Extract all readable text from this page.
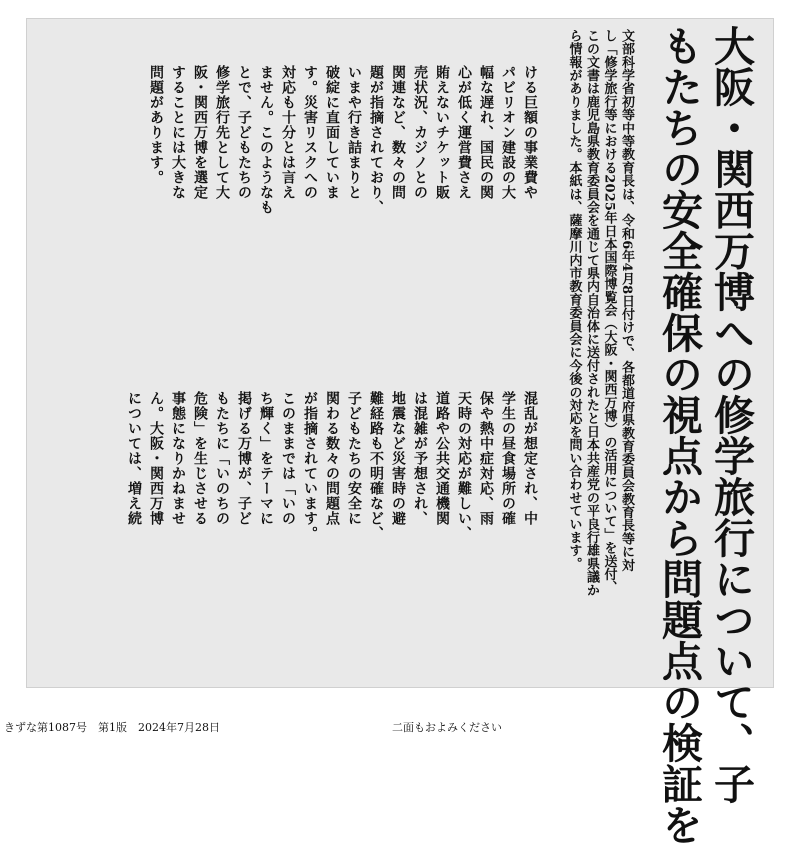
大阪・関西万博への修学旅行について、子
もたちの安全確保の視点から問題点の検証を
文部科学省初等中等教育長は、令和6年4月8日付けで、各都道府県教育委員会教育長等に対
し「修学旅行等における2025年日本国際博覧会（大阪・関西万博）の活用について」を送付、
この文書は鹿児島県教育委員会を通じて県内自治体に送付されたと日本共産党の平良行雄県議か
ら情報がありました。本紙は、薩摩川内市教育委員会に今後の対応を問い合わせています。
ける巨額の事業費や
パビリオン建設の大
幅な遅れ、国民の関
心が低く運営費さえ
賄えないチケット販
売状況、カジノとの
関連など、数々の問
題が指摘されており、
いまや行き詰まりと
破綻に直面していま
す。災害リスクへの
対応も十分とは言え
ません。このようなも
とで、子どもたちの
修学旅行先として大
阪・関西万博を選定
することには大きな
問題があります。
混乱が想定され、中
学生の昼食場所の確
保や熱中症対応、雨
天時の対応が難しい、
道路や公共交通機関
は混雑が予想され、
地震など災害時の避
難経路も不明確など、
子どもたちの安全に
関わる数々の問題点
が指摘されています。
このままでは「いの
ち輝く」をテーマに
掲げる万博が、子ど
もたちに「いのちの
危険」を生じさせる
事態になりかねませ
ん。大阪・関西万博
については、増え続
きずな第1087号　第1版　2024年7月28日	二面もおよみください
